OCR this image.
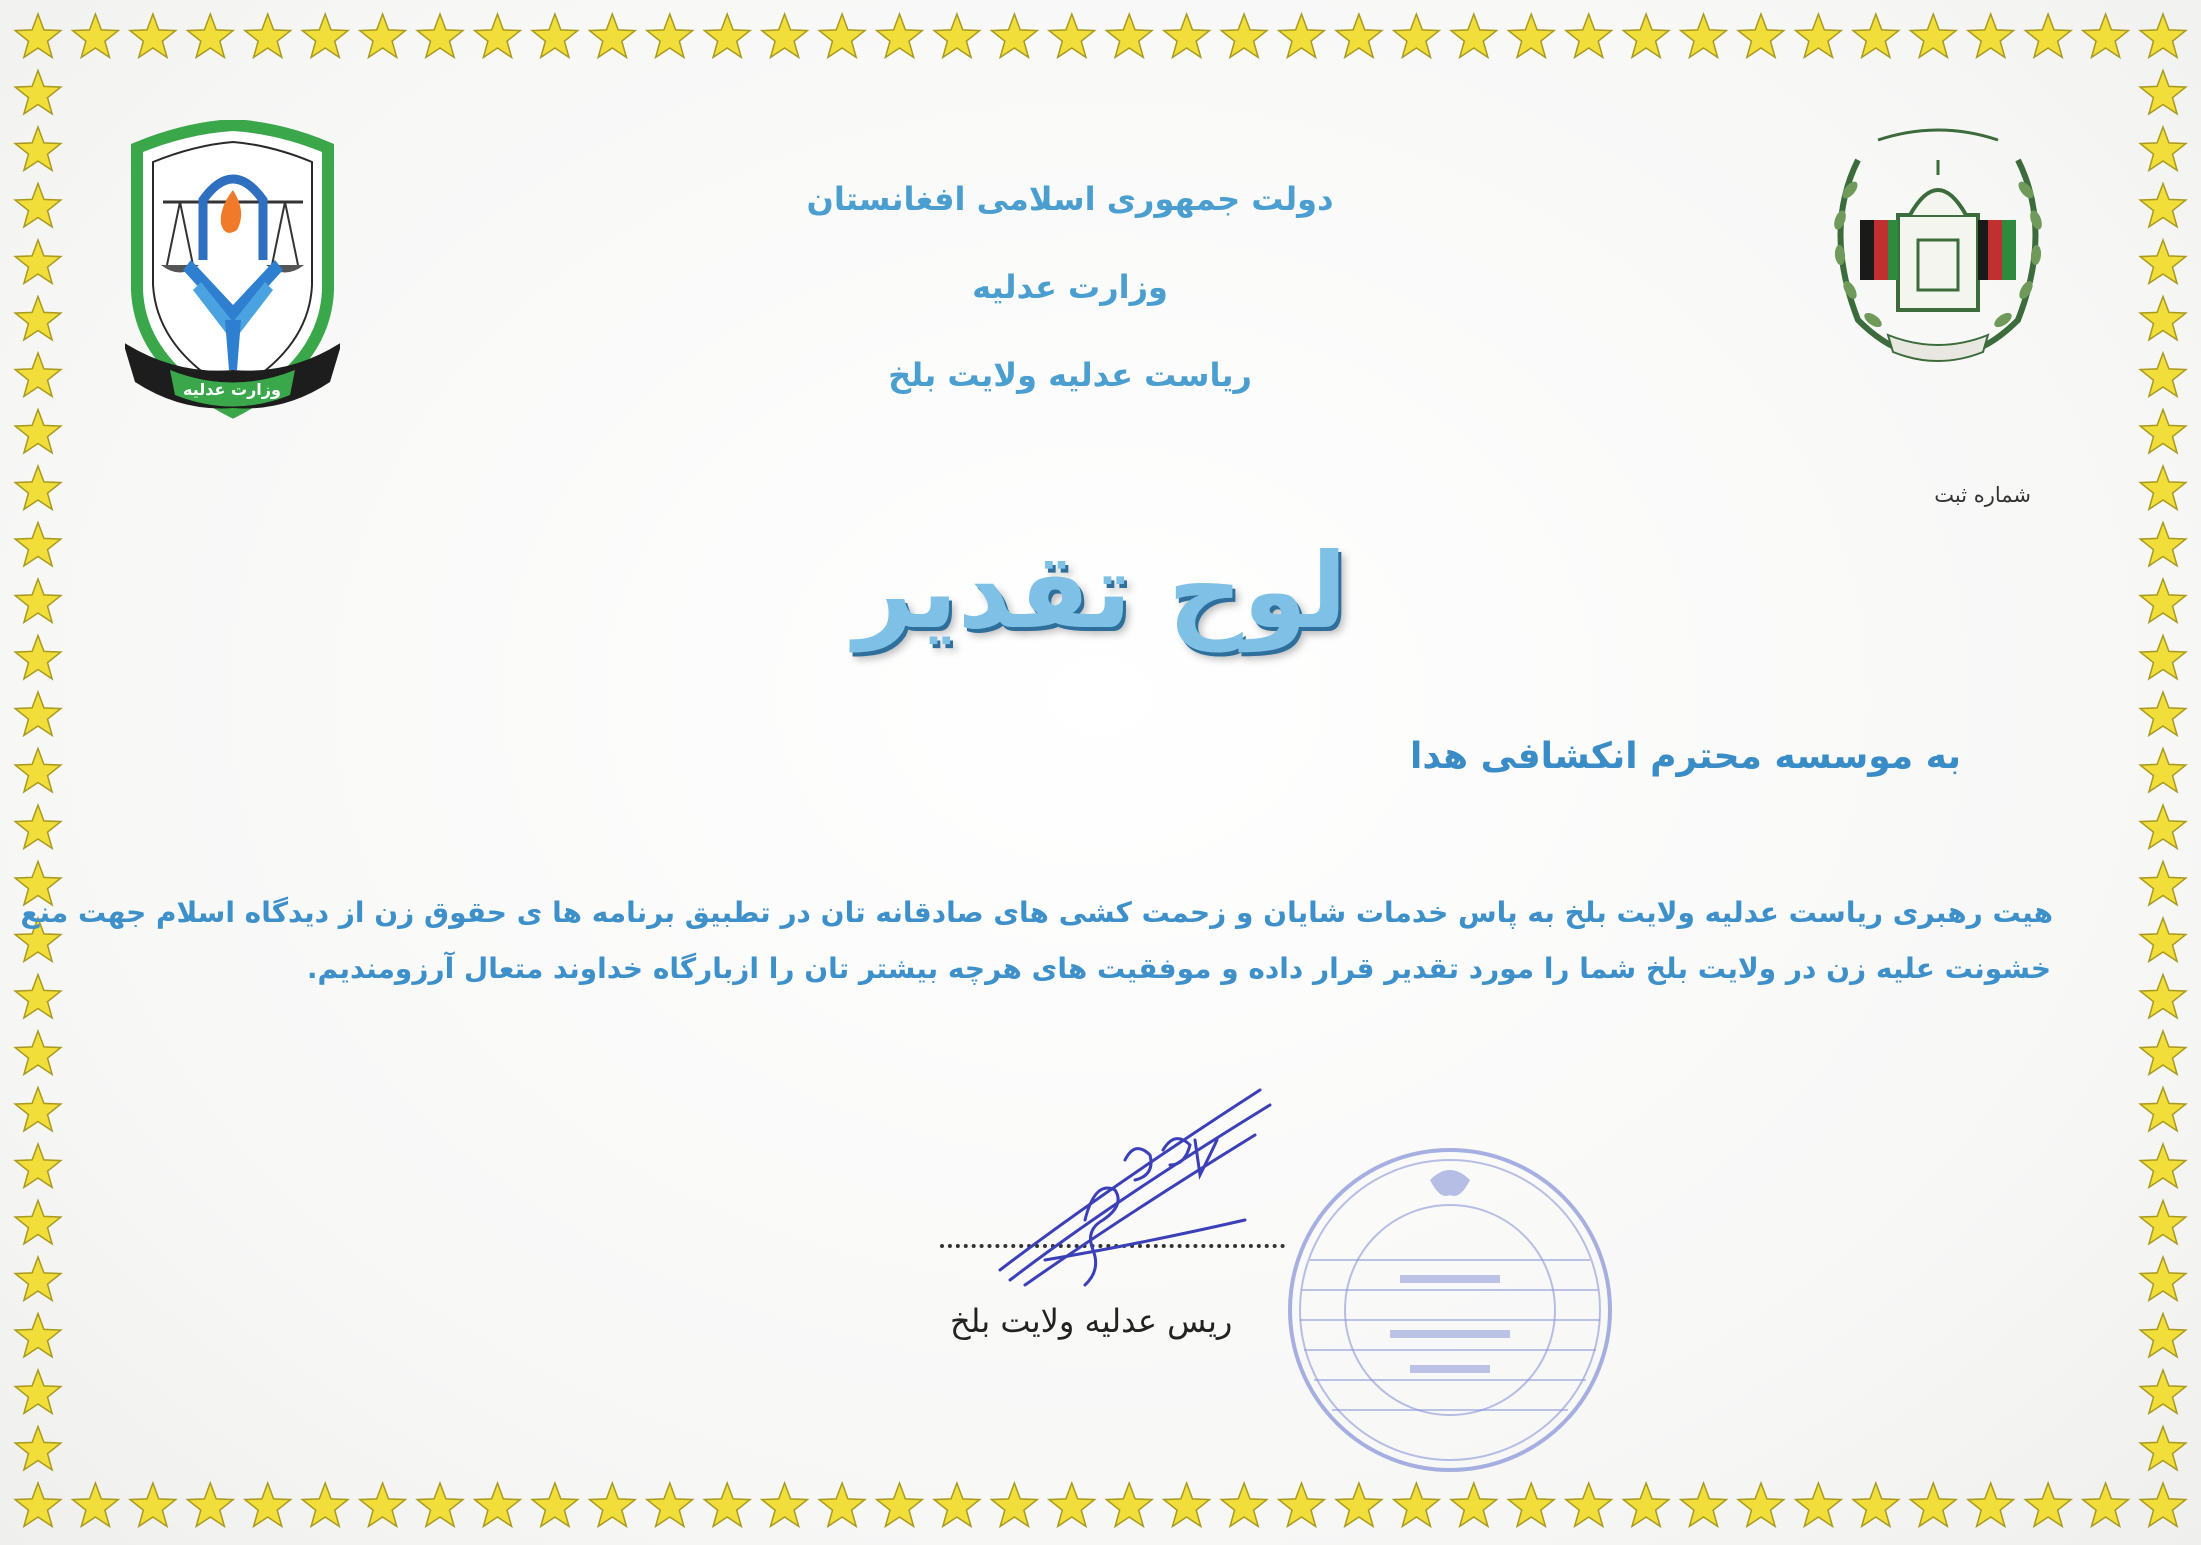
وزارت عدلیه
دولت جمهوری اسلامی افغانستان
وزارت عدلیه
ریاست عدلیه ولایت بلخ
شماره ثبت
لوح تقدیر
به موسسه محترم انکشافی هدا
هیت رهبری ریاست عدلیه ولایت بلخ به پاس خدمات شایان و زحمت کشی های صادقانه تان در تطبیق برنامه ها ی حقوق زن از دیدگاه اسلام جهت منع
خشونت علیه زن در ولایت بلخ شما را مورد تقدیر قرار داده و موفقیت های هرچه بیشتر تان را ازبارگاه خداوند متعال آرزومندیم.
ریس عدلیه ولایت بلخ
